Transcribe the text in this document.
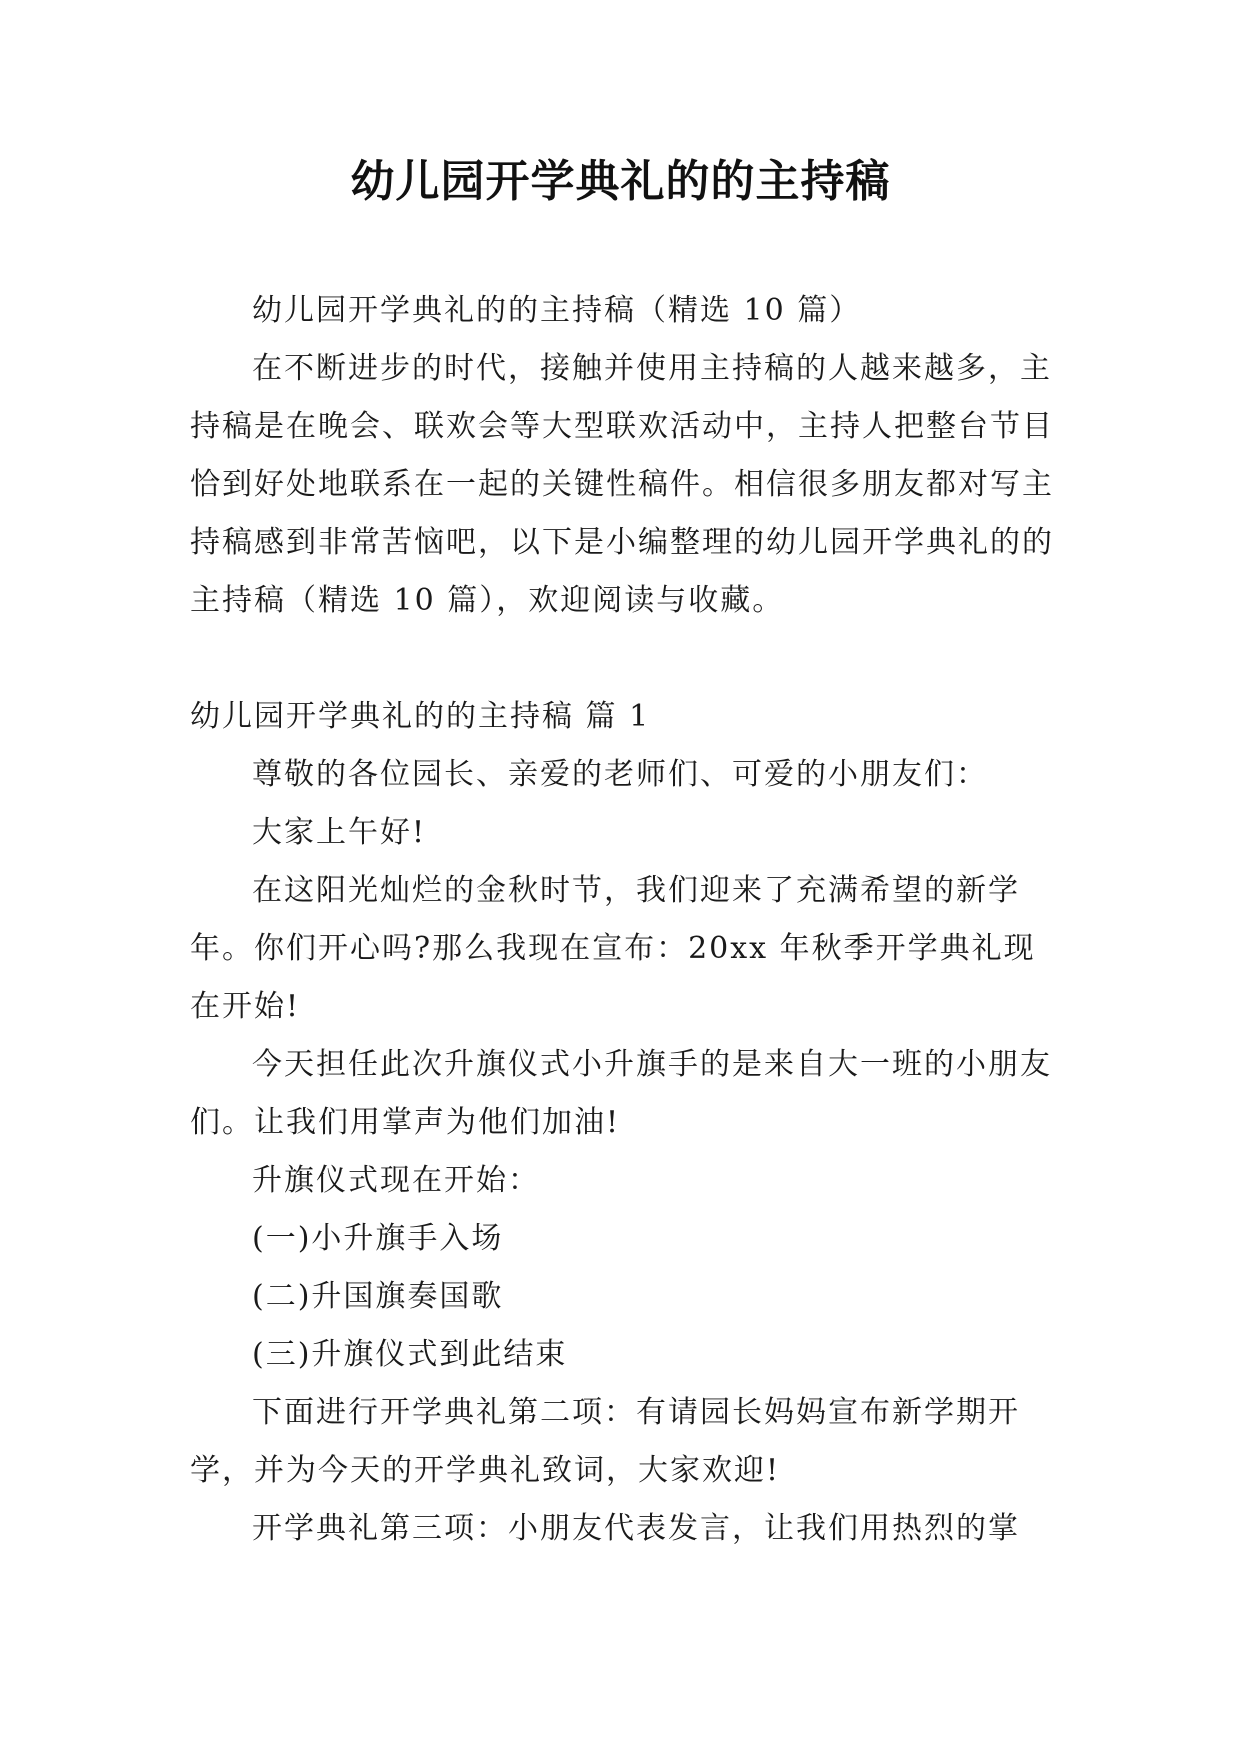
幼儿园开学典礼的的主持稿

幼儿园开学典礼的的主持稿（精选 10 篇）

在不断进步的时代，接触并使用主持稿的人越来越多，主持稿是在晚会、联欢会等大型联欢活动中，主持人把整台节目恰到好处地联系在一起的关键性稿件。相信很多朋友都对写主持稿感到非常苦恼吧，以下是小编整理的幼儿园开学典礼的的主持稿（精选 10 篇），欢迎阅读与收藏。

幼儿园开学典礼的的主持稿 篇 1

尊敬的各位园长、亲爱的老师们、可爱的小朋友们：

大家上午好!

在这阳光灿烂的金秋时节，我们迎来了充满希望的新学年。你们开心吗?那么我现在宣布：20xx 年秋季开学典礼现在开始!

今天担任此次升旗仪式小升旗手的是来自大一班的小朋友们。让我们用掌声为他们加油!

升旗仪式现在开始：

(一)小升旗手入场

(二)升国旗奏国歌

(三)升旗仪式到此结束

下面进行开学典礼第二项：有请园长妈妈宣布新学期开学，并为今天的开学典礼致词，大家欢迎!

开学典礼第三项：小朋友代表发言，让我们用热烈的掌
